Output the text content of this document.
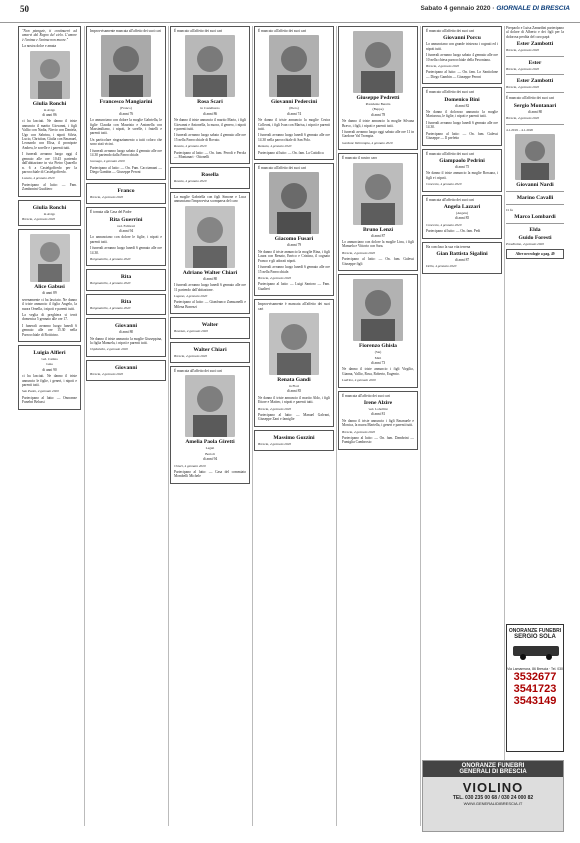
50	Sabato 4 gennaio 2020 · GIORNALE DI BRESCIA

"Non piangete, ti continuerò ad amarvi dal Regno del cielo. L'amore è l'anima e l'anima non muore."

La nostra dolce e amata

Giulia Ronchi
in Avigo
di anni 86

ci ha lasciati. Ne danno il triste annuncio il marito Giovanni, i figli Vallio con Nadia, Nirvio con Daniela, Ugo con Sabrina, i nipoti Silvia, Lucio, Christian, Giulia con Emanuel, Leonardo con Elisa, il pronipote Andrea, le sorelle e i parenti tutti.

I funerali avranno luogo oggi 4 gennaio alle ore 10.45 partendo dall'abitazione in via Pietro Quarello n. 6 a Castelgoffredo per la parrocchiale di Castelgoffredo.

Lonato, 4 gennaio 2020

Partecipano al lutto: — Fam. Zambonini Gualtiero

Giulia Ronchi
in Avigo

Brescia, 4 gennaio 2020

Alice Gabusi
di anni 89

serenamente ci ha lasciato. Ne danno il triste annuncio il figlio Angelo, la nuora Ornella, i nipoti e parenti tutti.

La veglia di preghiera si terrà domenica 5 gennaio alle ore 17.

I funerali avranno luogo lunedì 6 gennaio alle ore 15.30 nella Parrocchiale di Botticino.

Luigia Alfieri
ved. Cattina
Gina
di anni 90

ci ha lasciati. Ne danno il triste annuncio le figlie, i generi, i nipoti e parenti tutti.

San Paolo, 4 gennaio 2020

Partecipano al lutto: — Onoranze Funebri Belussi

Improvvisamente mancata all'affetto dei suoi cari

Francesco Mangiarini
(Franco)
di anni 76

Lo annunciano con dolore la moglie Gabriella, le figlie Claudia con Maurizio e Antonella con Massimiliano, i nipoti, le sorelle, i fratelli e parenti tutti.

Un particolare ringraziamento a tutti coloro che sono stati vicini.

I funerali avranno luogo sabato 4 gennaio alle ore 14.30 partendo dalla Parrocchiale.

Gussago, 4 gennaio 2020

Partecipano al lutto: — On. Fam. Cacciamani — Diego Gambin — Giuseppe Peroni

Franco

Brescia, 4 gennaio 2020

È tornata alla Casa del Padre

Rita Guerrini
ved. Fabbrari
di anni 94

Lo annunciano con dolore le figlie, i nipoti e parenti tutti.

I funerali avranno luogo lunedì 6 gennaio alle ore 14.30.

Borgosatollo, 4 gennaio 2020

Rita

Borgosatollo, 4 gennaio 2020

Rita

Borgosatollo, 4 gennaio 2020

Giovanni
di anni 80

Ne danno il triste annuncio la moglie Giuseppina, la figlia Manuela, i nipoti e parenti tutti.

Ospitaletto, 4 gennaio 2020

Giovanni

Brescia, 4 gennaio 2020

È mancato all'affetto dei suoi cari

Rosa Scari
in Castelluzzo
di anni 86

Ne danno il triste annuncio il marito Mario, i figli Giovanni e Antonella, la nuora, il genero, i nipoti e parenti tutti.

I funerali avranno luogo sabato 4 gennaio alle ore 15 nella Parrocchiale di Rovato.

Rovato, 4 gennaio 2020

Partecipano al lutto: — On. fam. Perodi e Perola — Montanari · Ottonelli

Rosella

Rovato, 4 gennaio 2020

La moglie Gabriella con figli Simone e Luca annunciano l'improvvisa scomparsa del caro

Adriano Walter Chiari
di anni 80

I funerali avranno luogo lunedì 6 gennaio alle ore 11 partendo dall'abitazione.

Lugano, 4 gennaio 2020

Partecipano al lutto: — Gianfranco Zamuanelli e Milena Bonezzi

Walter

Bovezzo, 4 gennaio 2020

Walter Chiari

Brescia, 4 gennaio 2020

È mancata all'affetto dei suoi cari

Amelia Paola Giretti
Legati
Bertoli
di anni 94

Chiari, 4 gennaio 2020

Partecipano al lutto: — Casa del commiato Mombelli Michele

È mancato all'affetto dei suoi cari

Giovanni Pedercini
(Piero)
di anni 74

Ne danno il triste annuncio la moglie Cesira Colleoni, i figli Ivan con Marisa, i nipoti e parenti tutti.

I funerali avranno luogo lunedì 6 gennaio alle ore 14.30 nella parrocchiale di San Polo.

Rezzato, 4 gennaio 2020

Partecipano al lutto: — On. fam. La Cattolica

È mancato all'affetto dei suoi cari

Giacomo Fusari
di anni 79

Ne danno il triste annuncio la moglie Rina, i figli Laura con Renato, Enrico e Cristina, il cognato Franco e gli adorati nipoti.

I funerali avranno luogo lunedì 6 gennaio alle ore 15 nella Parrocchiale.

Brescia, 4 gennaio 2020

Partecipano al lutto: — Luigi Santoro — Fam. Gualteri

Improvvisamente è mancata all'affetto dei suoi cari

Renata Gandi
in Flori
di anni 85

Ne danno il triste annuncio il marito Aldo, i figli Ettore e Matteo, i nipoti e parenti tutti.

Brescia, 4 gennaio 2020

Partecipano al lutto: — Manuel Galvani, Giuseppe Zani e famiglie

Massimo Gozzini

Brescia, 4 gennaio 2020

Giuseppe Pedretti
Presidente Beretta
(Beppe)
di anni 78

Ne danno il triste annuncio la moglie Silvana Bravo, i figli, i nipoti e parenti tutti.

I funerali avranno luogo oggi sabato alle ore 11 in Gardone Val Trompia.

Gardone Valtrompia, 4 gennaio 2020

È mancato il nostro caro

Bruno Lenzi
di anni 87

Lo annunciano con dolore la moglie Lina, i figli Manuela e Vittorio con Sara.

Brescia, 4 gennaio 2020

Partecipano al lutto: — On. fam. Galessi Giuseppe figli

Fiorenzo Ghisla
(Ste)
Mati
di anni 73

Ne danno il triste annuncio i figli Virgilio, Gianna, Vallio, Rosa, Roberto, Eugenio.

Lodrino, 4 gennaio 2020

È mancata all'affetto dei suoi cari

Irene Alzire
ved. Lobellini
di anni 81

Ne danno il triste annuncio i figli Emanuele e Monica, la nuora Mariella, i generi e parenti tutti.

Brescia, 4 gennaio 2020

Partecipano al lutto: — On. fam. Dambrini — Famiglia Cambrosio

È mancato all'affetto dei suoi cari

Giovanni Porcu

Lo annunciano con grande tristezza i cognati ed i nipoti tutti.

I funerali avranno luogo sabato 4 gennaio alle ore 10 nella chiesa parrocchiale della Pavoniana.

Brescia, 4 gennaio 2020

Partecipano al lutto: — On. fam. Lo Santiolone — Diego Gambin — Giuseppe Peroni

È mancato all'affetto dei suoi cari

Domenico Bini
di anni 82

Ne danno il doloroso annuncio la moglie Mariarosa, le figlie, i nipoti e parenti tutti.

I funerali avranno luogo lunedì 6 gennaio alle ore 14.30.

Partecipano al lutto: — On. fam. Galessi Giuseppe — Il prefetto

È mancato all'affetto dei suoi cari

Giampaolo Pedrini
di anni 75

Ne danno il triste annuncio la moglie Rossana, i figli e i nipoti.

Concesio, 4 gennaio 2020

È mancata all'affetto dei suoi cari

Angela Lazzari
(Angela)
di anni 85

Concesio, 4 gennaio 2020

Partecipano al lutto: — On. fam. Pedi

Ha concluso la sua vita terrena

Gian Battista Sigalini
di anni 87

Dello, 4 gennaio 2020

Pierpaolo e Luisa Zanardini partecipano al dolore di Alberto e dei figli per la dolorosa perdita del caro papà

Ester Zambotti

Brescia, 4 gennaio 2020

Ester

Brescia, 4 gennaio 2020

Ester Zambotti

Brescia, 4 gennaio 2020

È mancato all'affetto dei suoi cari

Sergio Montanari
di anni 80

Brescia, 4 gennaio 2020

4.1.2019 – 4.1.2020

Giovanni Nardi
Marino Cavalli

Ci fu

Marco Lombardi
Elda
Guido Foresti

Prealboino, 4 gennaio 2020

Altre necrologie a pag. 49
ONORANZE FUNEBRI
SERGIO SOLA
Via Lamarmora, 86 Brescia · Tel. 030
3532677
3541723
3543149
ONORANZE FUNEBRI
GENERALI DI BRESCIA
VIOLINO
TEL. 030 235 00 68 / 030 24 000 82
WWW.GENERALIDIBRESCIA.IT
